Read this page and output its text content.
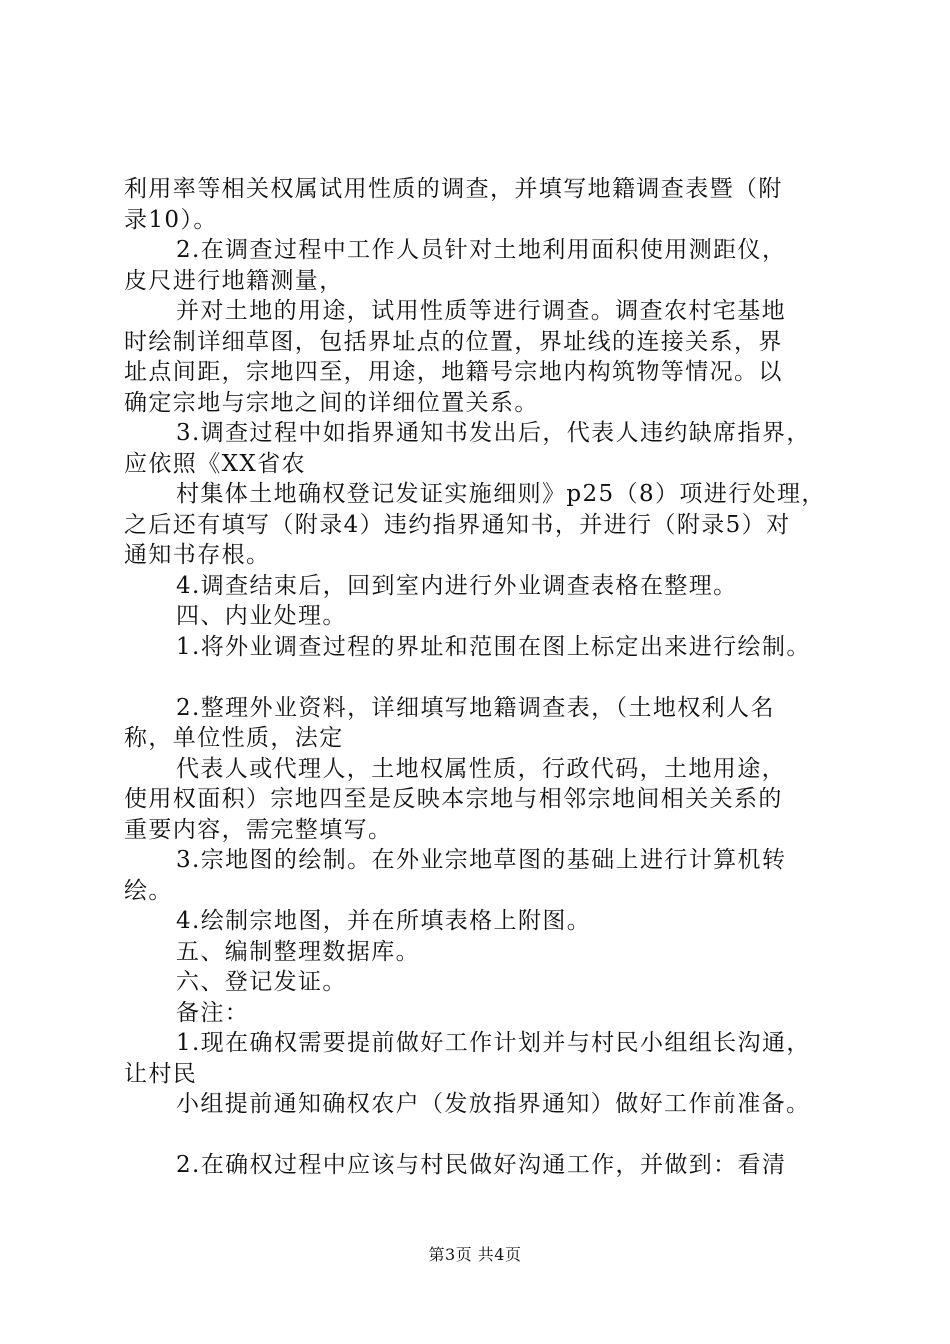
利用率等相关权属试用性质的调查，并填写地籍调查表暨（附
录10）。
2.在调查过程中工作人员针对土地利用面积使用测距仪，
皮尺进行地籍测量，
并对土地的用途，试用性质等进行调查。调查农村宅基地
时绘制详细草图，包括界址点的位置，界址线的连接关系，界
址点间距，宗地四至，用途，地籍号宗地内构筑物等情况。以
确定宗地与宗地之间的详细位置关系。
3.调查过程中如指界通知书发出后，代表人违约缺席指界，
应依照《XX省农
村集体土地确权登记发证实施细则》p25（8）项进行处理，
之后还有填写（附录4）违约指界通知书，并进行（附录5）对
通知书存根。
4.调查结束后，回到室内进行外业调查表格在整理。
四、内业处理。
1.将外业调查过程的界址和范围在图上标定出来进行绘制。
2.整理外业资料，详细填写地籍调查表，（土地权利人名
称，单位性质，法定
代表人或代理人，土地权属性质，行政代码，土地用途，
使用权面积）宗地四至是反映本宗地与相邻宗地间相关关系的
重要内容，需完整填写。
3.宗地图的绘制。在外业宗地草图的基础上进行计算机转
绘。
4.绘制宗地图，并在所填表格上附图。
五、编制整理数据库。
六、登记发证。
备注：
1.现在确权需要提前做好工作计划并与村民小组组长沟通，
让村民
小组提前通知确权农户（发放指界通知）做好工作前准备。
2.在确权过程中应该与村民做好沟通工作，并做到：看清
第3页 共4页
